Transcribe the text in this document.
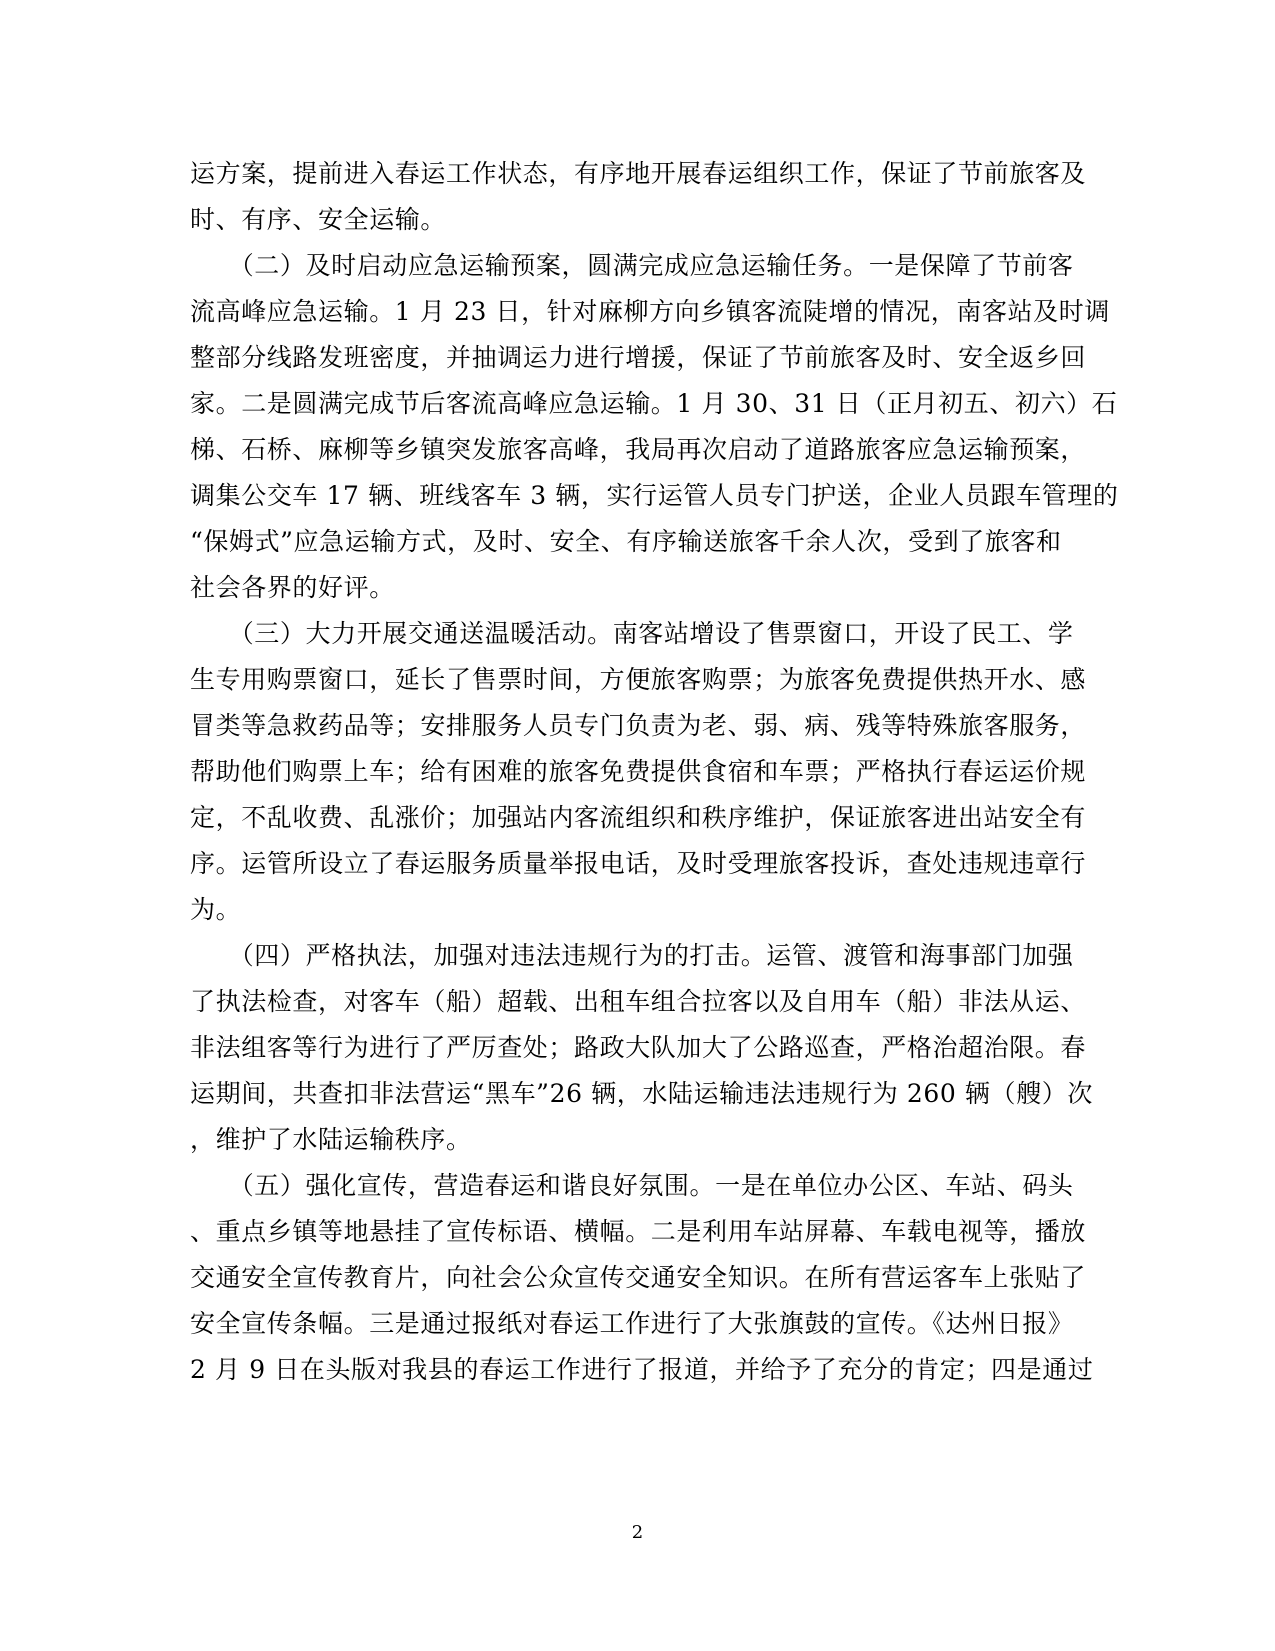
运方案，提前进入春运工作状态，有序地开展春运组织工作，保证了节前旅客及
时、有序、安全运输。
　　（二）及时启动应急运输预案，圆满完成应急运输任务。一是保障了节前客
流高峰应急运输。1 月 23 日，针对麻柳方向乡镇客流陡增的情况，南客站及时调
整部分线路发班密度，并抽调运力进行增援，保证了节前旅客及时、安全返乡回
家。二是圆满完成节后客流高峰应急运输。1 月 30、31 日（正月初五、初六）石
梯、石桥、麻柳等乡镇突发旅客高峰，我局再次启动了道路旅客应急运输预案，
调集公交车 17 辆、班线客车 3 辆，实行运管人员专门护送，企业人员跟车管理的
“保姆式”应急运输方式，及时、安全、有序输送旅客千余人次，受到了旅客和
社会各界的好评。
　　（三）大力开展交通送温暖活动。南客站增设了售票窗口，开设了民工、学
生专用购票窗口，延长了售票时间，方便旅客购票；为旅客免费提供热开水、感
冒类等急救药品等；安排服务人员专门负责为老、弱、病、残等特殊旅客服务，
帮助他们购票上车；给有困难的旅客免费提供食宿和车票；严格执行春运运价规
定，不乱收费、乱涨价；加强站内客流组织和秩序维护，保证旅客进出站安全有
序。运管所设立了春运服务质量举报电话，及时受理旅客投诉，查处违规违章行
为。
　　（四）严格执法，加强对违法违规行为的打击。运管、渡管和海事部门加强
了执法检查，对客车（船）超载、出租车组合拉客以及自用车（船）非法从运、
非法组客等行为进行了严厉查处；路政大队加大了公路巡查，严格治超治限。春
运期间，共查扣非法营运“黑车”26 辆，水陆运输违法违规行为 260 辆（艘）次
，维护了水陆运输秩序。
　　（五）强化宣传，营造春运和谐良好氛围。一是在单位办公区、车站、码头
、重点乡镇等地悬挂了宣传标语、横幅。二是利用车站屏幕、车载电视等，播放
交通安全宣传教育片，向社会公众宣传交通安全知识。在所有营运客车上张贴了
安全宣传条幅。三是通过报纸对春运工作进行了大张旗鼓的宣传。《达州日报》
2 月 9 日在头版对我县的春运工作进行了报道，并给予了充分的肯定；四是通过
2
